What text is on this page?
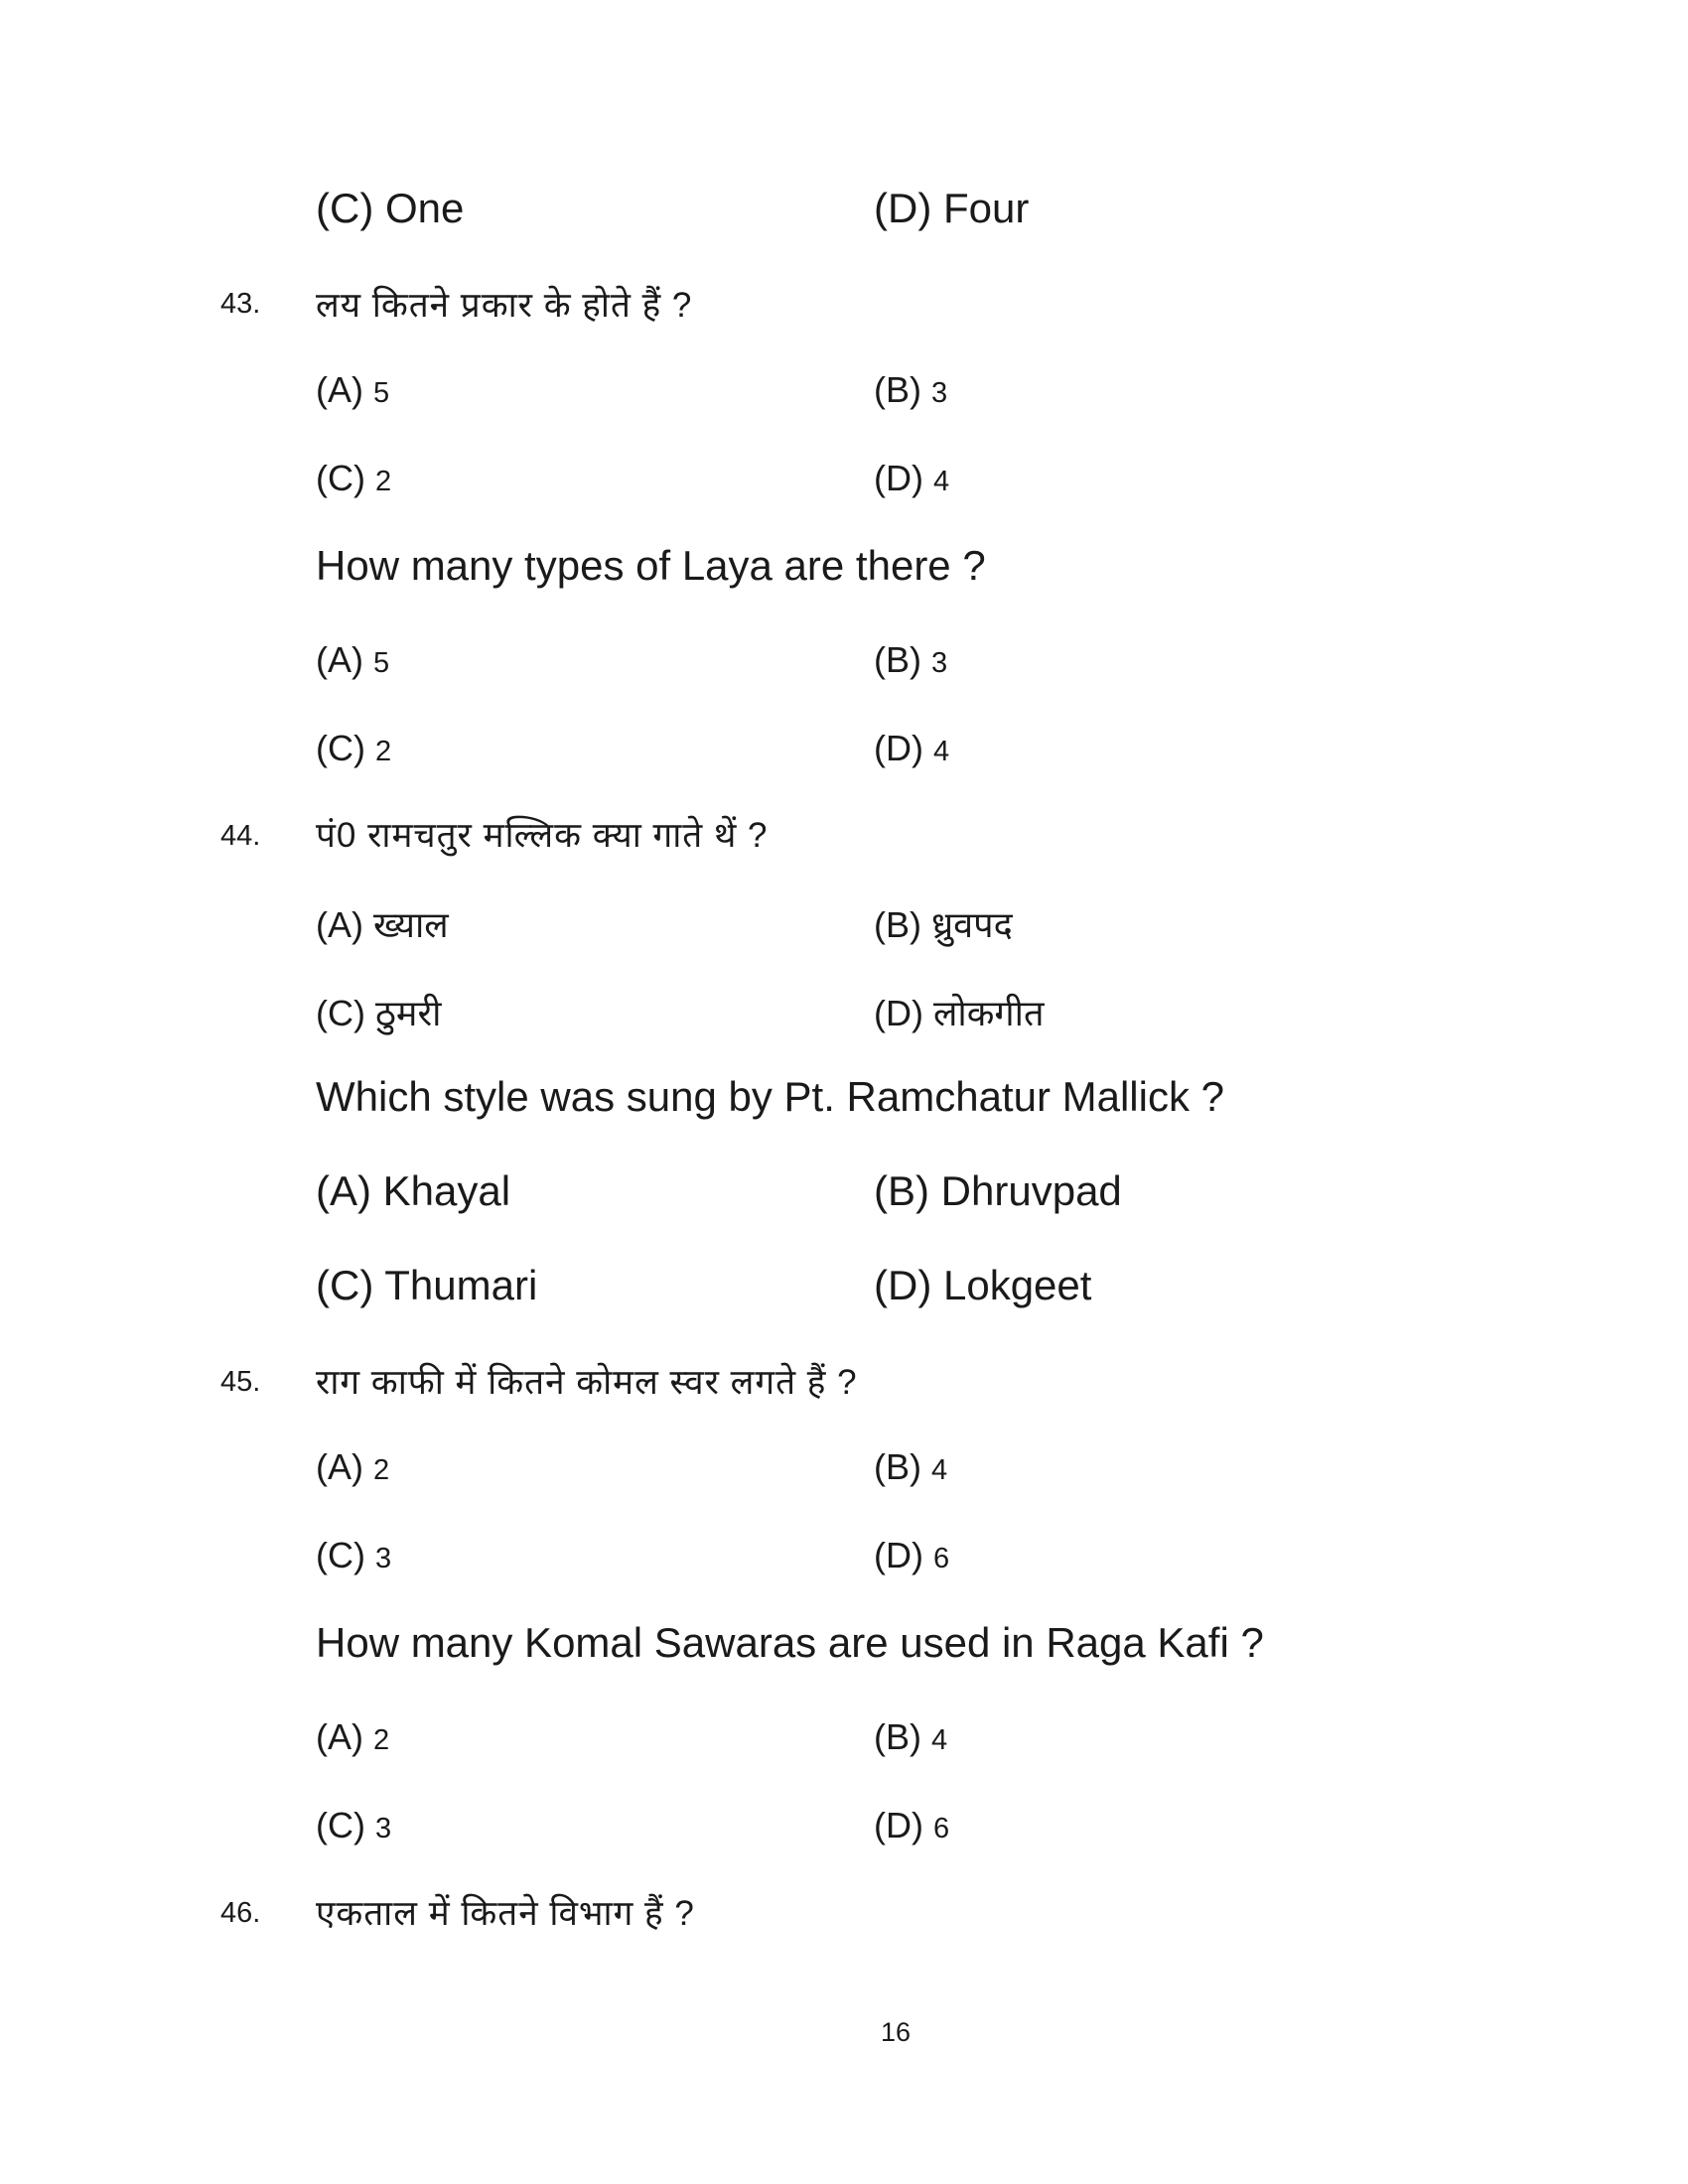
(C) One	(D) Four
43. लय कितने प्रकार के होते हैं ?
(A) 5	(B) 3
(C) 2	(D) 4
How many types of Laya are there ?
(A) 5	(B) 3
(C) 2	(D) 4
44. पं0 रामचतुर मल्लिक क्या गाते थें ?
(A) ख्याल	(B) ध्रुवपद
(C) ठुमरी	(D) लोकगीत
Which style was sung by Pt. Ramchatur Mallick ?
(A) Khayal	(B) Dhruvpad
(C) Thumari	(D) Lokgeet
45. राग काफी में कितने कोमल स्वर लगते हैं ?
(A) 2	(B) 4
(C) 3	(D) 6
How many Komal Sawaras are used in Raga Kafi ?
(A) 2	(B) 4
(C) 3	(D) 6
46. एकताल में कितने विभाग हैं ?
16
